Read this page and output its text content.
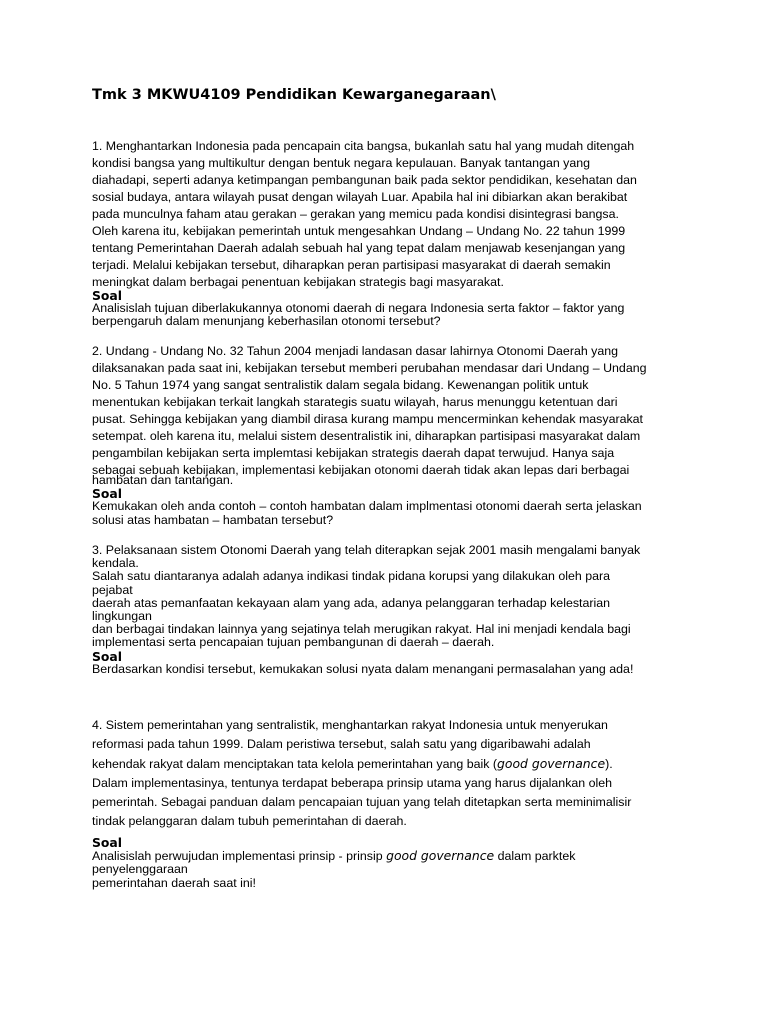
Tmk 3 MKWU4109 Pendidikan Kewarganegaraan\

1. Menghantarkan Indonesia pada pencapain cita bangsa, bukanlah satu hal yang mudah ditengah

kondisi bangsa yang multikultur dengan bentuk negara kepulauan. Banyak tantangan yang

diahadapi, seperti adanya ketimpangan pembangunan baik pada sektor pendidikan, kesehatan dan

sosial budaya, antara wilayah pusat dengan wilayah Luar. Apabila hal ini dibiarkan akan berakibat

pada munculnya faham atau gerakan – gerakan yang memicu pada kondisi disintegrasi bangsa.

Oleh karena itu, kebijakan pemerintah untuk mengesahkan Undang – Undang No. 22 tahun 1999

tentang Pemerintahan Daerah adalah sebuah hal yang tepat dalam menjawab kesenjangan yang

terjadi. Melalui kebijakan tersebut, diharapkan peran partisipasi masyarakat di daerah semakin

meningkat dalam berbagai penentuan kebijakan strategis bagi masyarakat.

Soal

Analisislah tujuan diberlakukannya otonomi daerah di negara Indonesia serta faktor – faktor yang

berpengaruh dalam menunjang keberhasilan otonomi tersebut?

2. Undang - Undang No. 32 Tahun 2004 menjadi landasan dasar lahirnya Otonomi Daerah yang

dilaksanakan pada saat ini, kebijakan tersebut memberi perubahan mendasar dari Undang – Undang

No. 5 Tahun 1974 yang sangat sentralistik dalam segala bidang. Kewenangan politik untuk

menentukan kebijakan terkait langkah starategis suatu wilayah, harus menunggu ketentuan dari

pusat. Sehingga kebijakan yang diambil dirasa kurang mampu mencerminkan kehendak masyarakat

setempat. oleh karena itu, melalui sistem desentralistik ini, diharapkan partisipasi masyarakat dalam

pengambilan kebijakan serta implemtasi kebijakan strategis daerah dapat terwujud. Hanya saja

sebagai sebuah kebijakan, implementasi kebijakan otonomi daerah tidak akan lepas dari berbagai

hambatan dan tantangan.

Soal

Kemukakan oleh anda contoh – contoh hambatan dalam implmentasi otonomi daerah serta jelaskan

solusi atas hambatan – hambatan tersebut?

3. Pelaksanaan sistem Otonomi Daerah yang telah diterapkan sejak 2001 masih mengalami banyak

kendala.

Salah satu diantaranya adalah adanya indikasi tindak pidana korupsi yang dilakukan oleh para

pejabat

daerah atas pemanfaatan kekayaan alam yang ada, adanya pelanggaran terhadap kelestarian

lingkungan

dan berbagai tindakan lainnya yang sejatinya telah merugikan rakyat. Hal ini menjadi kendala bagi

implementasi serta pencapaian tujuan pembangunan di daerah – daerah.

Soal

Berdasarkan kondisi tersebut, kemukakan solusi nyata dalam menangani permasalahan yang ada!

4. Sistem pemerintahan yang sentralistik, menghantarkan rakyat Indonesia untuk menyerukan

reformasi pada tahun 1999. Dalam peristiwa tersebut, salah satu yang digaribawahi adalah

kehendak rakyat dalam menciptakan tata kelola pemerintahan yang baik (good governance).

Dalam implementasinya, tentunya terdapat beberapa prinsip utama yang harus dijalankan oleh

pemerintah. Sebagai panduan dalam pencapaian tujuan yang telah ditetapkan serta meminimalisir

tindak pelanggaran dalam tubuh pemerintahan di daerah.

Soal

Analisislah perwujudan implementasi prinsip - prinsip good governance dalam parktek

penyelenggaraan

pemerintahan daerah saat ini!
